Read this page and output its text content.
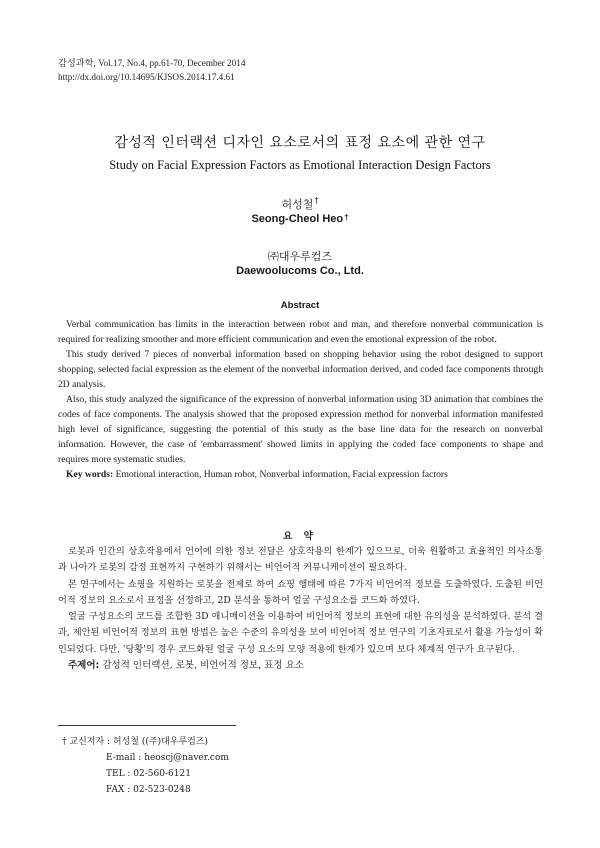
감성과학, Vol.17, No.4, pp.61-70, December 2014
http://dx.doi.org/10.14695/KJSOS.2014.17.4.61
감성적 인터랙션 디자인 요소로서의 표정 요소에 관한 연구
Study on Facial Expression Factors as Emotional Interaction Design Factors
허성철†
Seong-Cheol Heo†
㈜대우루컴즈
Daewoolucoms Co., Ltd.
Abstract

Verbal communication has limits in the interaction between robot and man, and therefore nonverbal communication is required for realizing smoother and more efficient communication and even the emotional expression of the robot.

This study derived 7 pieces of nonverbal information based on shopping behavior using the robot designed to support shopping, selected facial expression as the element of the nonverbal information derived, and coded face components through 2D analysis.

Also, this study analyzed the significance of the expression of nonverbal information using 3D animation that combines the codes of face components. The analysis showed that the proposed expression method for nonverbal information manifested high level of significance, suggesting the potential of this study as the base line data for the research on nonverbal information. However, the case of 'embarrassment' showed limits in applying the coded face components to shape and requires more systematic studies.

Key words: Emotional interaction, Human robot, Nonverbal information, Facial expression factors

요 약

로봇과 인간의 상호작용에서 언어에 의한 정보 전달은 상호작용의 한계가 있으므로, 더욱 원활하고 효율적인 의사소통과 나아가 로봇의 감정 표현까지 구현하기 위해서는 비언어적 커뮤니케이션이 필요하다.

본 연구에서는 쇼핑을 지원하는 로봇을 전제로 하여 쇼핑 행태에 따른 7가지 비언어적 정보를 도출하였다. 도출된 비언어적 정보의 요소로서 표정을 선정하고, 2D 분석을 통하여 얼굴 구성요소를 코드화 하였다.

얼굴 구성요소의 코드를 조합한 3D 애니메이션을 이용하여 비언어적 정보의 표현에 대한 유의성을 분석하였다. 분석 결과, 제안된 비언어적 정보의 표현 방법은 높은 수준의 유의성을 보여 비언어적 정보 연구의 기초자료로서 활용 가능성이 확인되었다. 다만, '당황'의 경우 코드화된 얼굴 구성 요소의 모양 적용에 한계가 있으며 보다 체계적 연구가 요구된다.

주제어: 감성적 인터랙션, 로봇, 비언어적 정보, 표정 요소

† 교신저자 : 허성철 ((주)대우루컴즈)
E-mail : heoscj@naver.com
TEL : 02-560-6121
FAX : 02-523-0248
